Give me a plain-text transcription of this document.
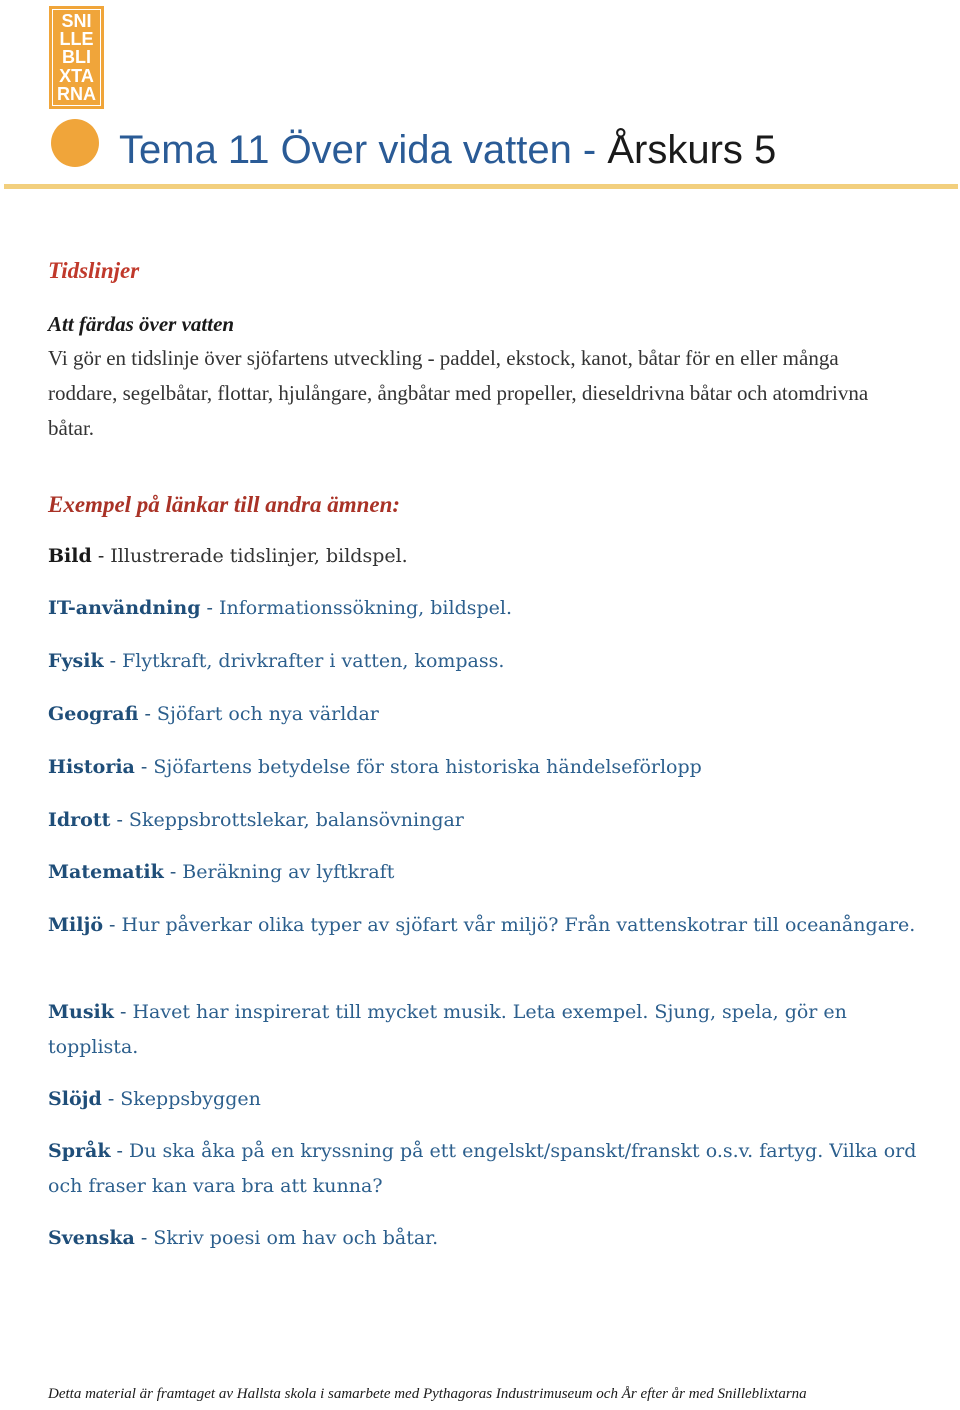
SNI
LLE
BLI
XTA
RNA
Tema 11 Över vida vatten - Årskurs 5
Tidslinjer
Att färdas över vatten

Vi gör en tidslinje över sjöfartens utveckling - paddel, ekstock, kanot, båtar för en eller många roddare, segelbåtar, flottar, hjulångare, ångbåtar med propeller, dieseldrivna båtar och atomdrivna båtar.

Exempel på länkar till andra ämnen:

Bild - Illustrerade tidslinjer, bildspel.

IT-användning - Informationssökning, bildspel.

Fysik - Flytkraft, drivkrafter i vatten, kompass.

Geografi - Sjöfart och nya världar

Historia - Sjöfartens betydelse för stora historiska händelseförlopp

Idrott - Skeppsbrottslekar, balansövningar

Matematik - Beräkning av lyftkraft

Miljö - Hur påverkar olika typer av sjöfart vår miljö? Från vattenskotrar till oceanångare.

Musik - Havet har inspirerat till mycket musik. Leta exempel. Sjung, spela, gör en topplista.

Slöjd - Skeppsbyggen

Språk - Du ska åka på en kryssning på ett engelskt/spanskt/franskt o.s.v. fartyg. Vilka ord och fraser kan vara bra att kunna?

Svenska - Skriv poesi om hav och båtar.

Detta material är framtaget av Hallsta skola i samarbete med Pythagoras Industrimuseum och År efter år med Snilleblixtarna
